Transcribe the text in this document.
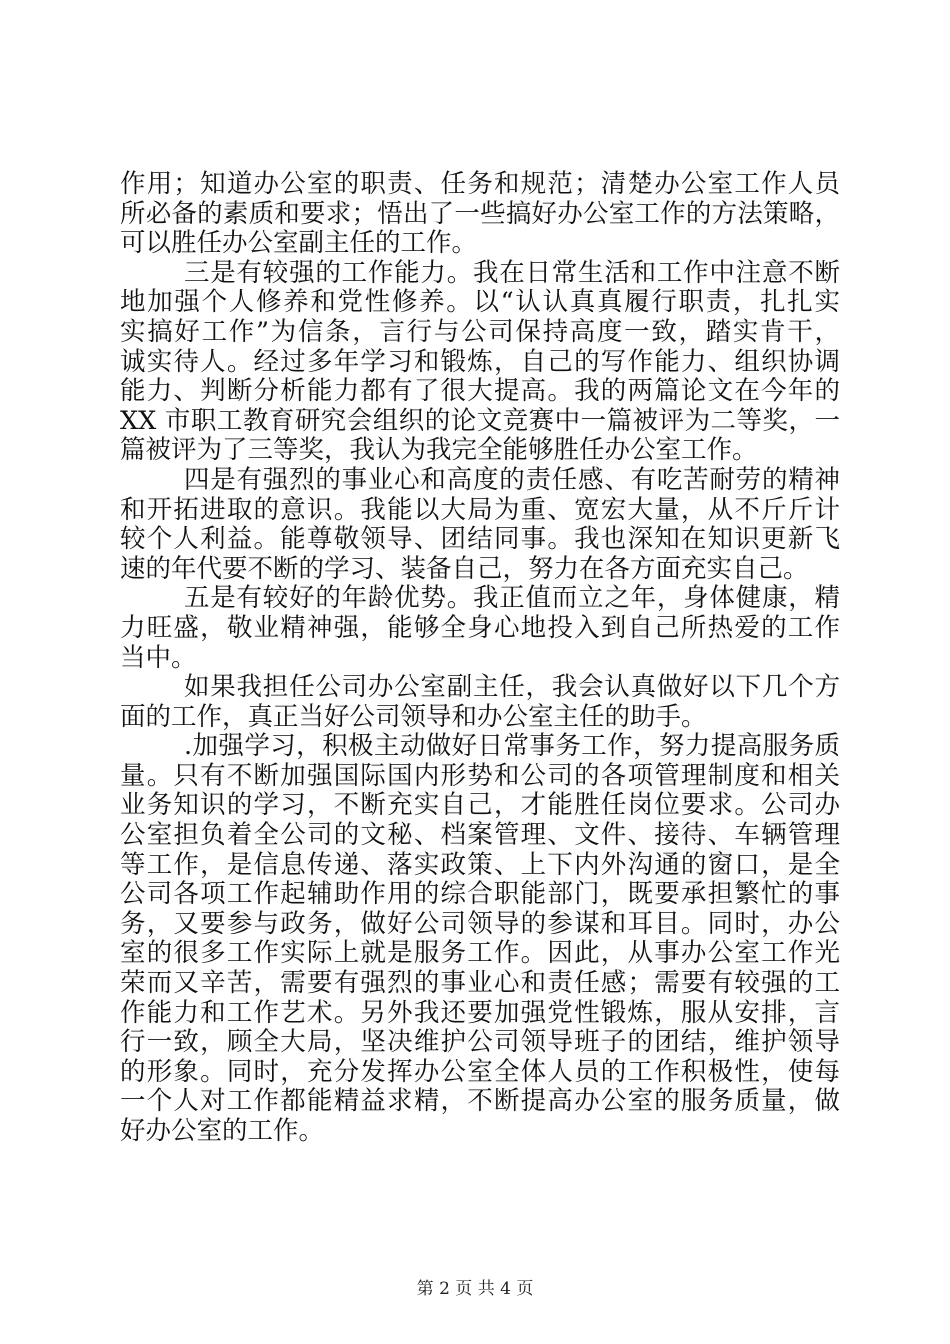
作用；知道办公室的职责、任务和规范；清楚办公室工作人员
所必备的素质和要求；悟出了一些搞好办公室工作的方法策略，
可以胜任办公室副主任的工作。
三是有较强的工作能力。我在日常生活和工作中注意不断
地加强个人修养和党性修养。以“认认真真履行职责，扎扎实
实搞好工作”为信条，言行与公司保持高度一致，踏实肯干，
诚实待人。经过多年学习和锻炼，自己的写作能力、组织协调
能力、判断分析能力都有了很大提高。我的两篇论文在今年的
XX 市职工教育研究会组织的论文竞赛中一篇被评为二等奖，一
篇被评为了三等奖，我认为我完全能够胜任办公室工作。
四是有强烈的事业心和高度的责任感、有吃苦耐劳的精神
和开拓进取的意识。我能以大局为重、宽宏大量，从不斤斤计
较个人利益。能尊敬领导、团结同事。我也深知在知识更新飞
速的年代要不断的学习、装备自己，努力在各方面充实自己。
五是有较好的年龄优势。我正值而立之年，身体健康，精
力旺盛，敬业精神强，能够全身心地投入到自己所热爱的工作
当中。
如果我担任公司办公室副主任，我会认真做好以下几个方
面的工作，真正当好公司领导和办公室主任的助手。
.加强学习，积极主动做好日常事务工作，努力提高服务质
量。只有不断加强国际国内形势和公司的各项管理制度和相关
业务知识的学习，不断充实自己，才能胜任岗位要求。公司办
公室担负着全公司的文秘、档案管理、文件、接待、车辆管理
等工作，是信息传递、落实政策、上下内外沟通的窗口，是全
公司各项工作起辅助作用的综合职能部门，既要承担繁忙的事
务，又要参与政务，做好公司领导的参谋和耳目。同时，办公
室的很多工作实际上就是服务工作。因此，从事办公室工作光
荣而又辛苦，需要有强烈的事业心和责任感；需要有较强的工
作能力和工作艺术。另外我还要加强党性锻炼，服从安排，言
行一致，顾全大局，坚决维护公司领导班子的团结，维护领导
的形象。同时，充分发挥办公室全体人员的工作积极性，使每
一个人对工作都能精益求精，不断提高办公室的服务质量，做
好办公室的工作。
第 2 页 共 4 页
